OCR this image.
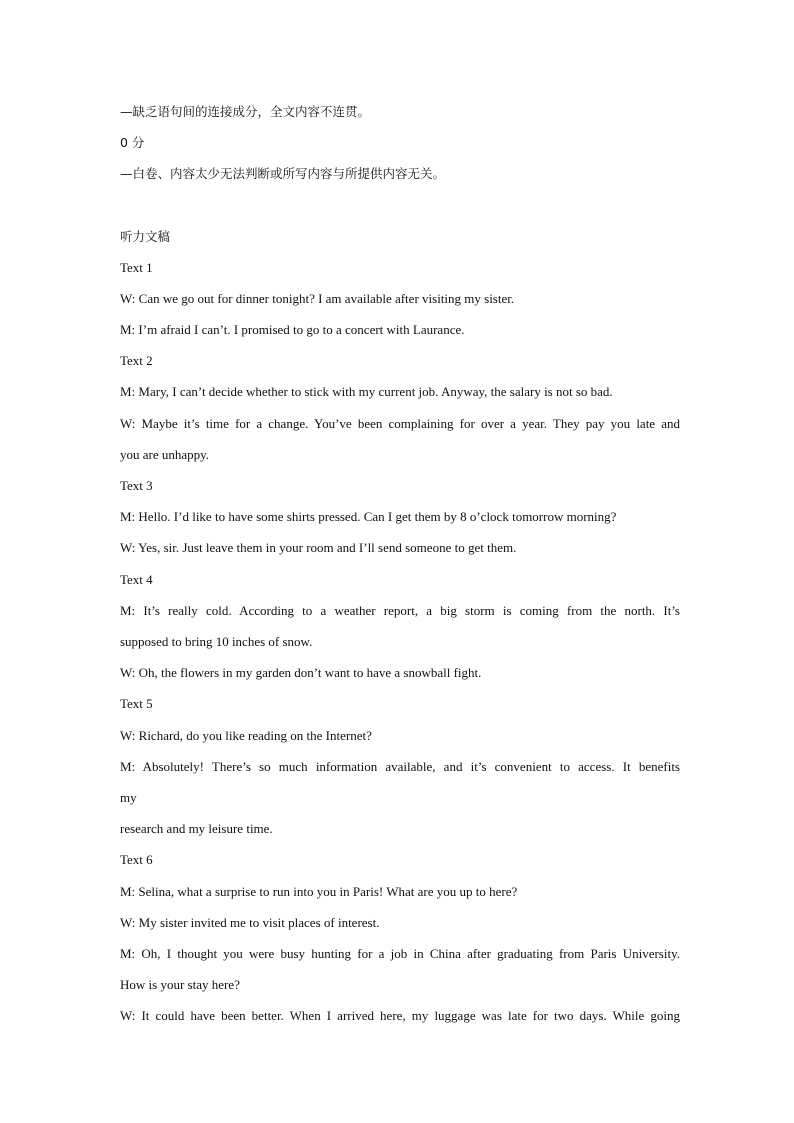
—缺乏语句间的连接成分，全文内容不连贯。
0 分
—白卷、内容太少无法判断或所写内容与所提供内容无关。
听力文稿
Text 1
W: Can we go out for dinner tonight? I am available after visiting my sister.
M: I’m afraid I can’t. I promised to go to a concert with Laurance.
Text 2
M: Mary, I can’t decide whether to stick with my current job. Anyway, the salary is not so bad.
W: Maybe it’s time for a change. You’ve been complaining for over a year. They pay you late and
you are unhappy.
Text 3
M: Hello. I’d like to have some shirts pressed. Can I get them by 8 o’clock tomorrow morning?
W: Yes, sir. Just leave them in your room and I’ll send someone to get them.
Text 4
M: It’s really cold. According to a weather report, a big storm is coming from the north. It’s
supposed to bring 10 inches of snow.
W: Oh, the flowers in my garden don’t want to have a snowball fight.
Text 5
W: Richard, do you like reading on the Internet?
M: Absolutely! There’s so much information available, and it’s convenient to access. It benefits
my
research and my leisure time.
Text 6
M: Selina, what a surprise to run into you in Paris! What are you up to here?
W: My sister invited me to visit places of interest.
M: Oh, I thought you were busy hunting for a job in China after graduating from Paris University.
How is your stay here?
W: It could have been better. When I arrived here, my luggage was late for two days. While going
